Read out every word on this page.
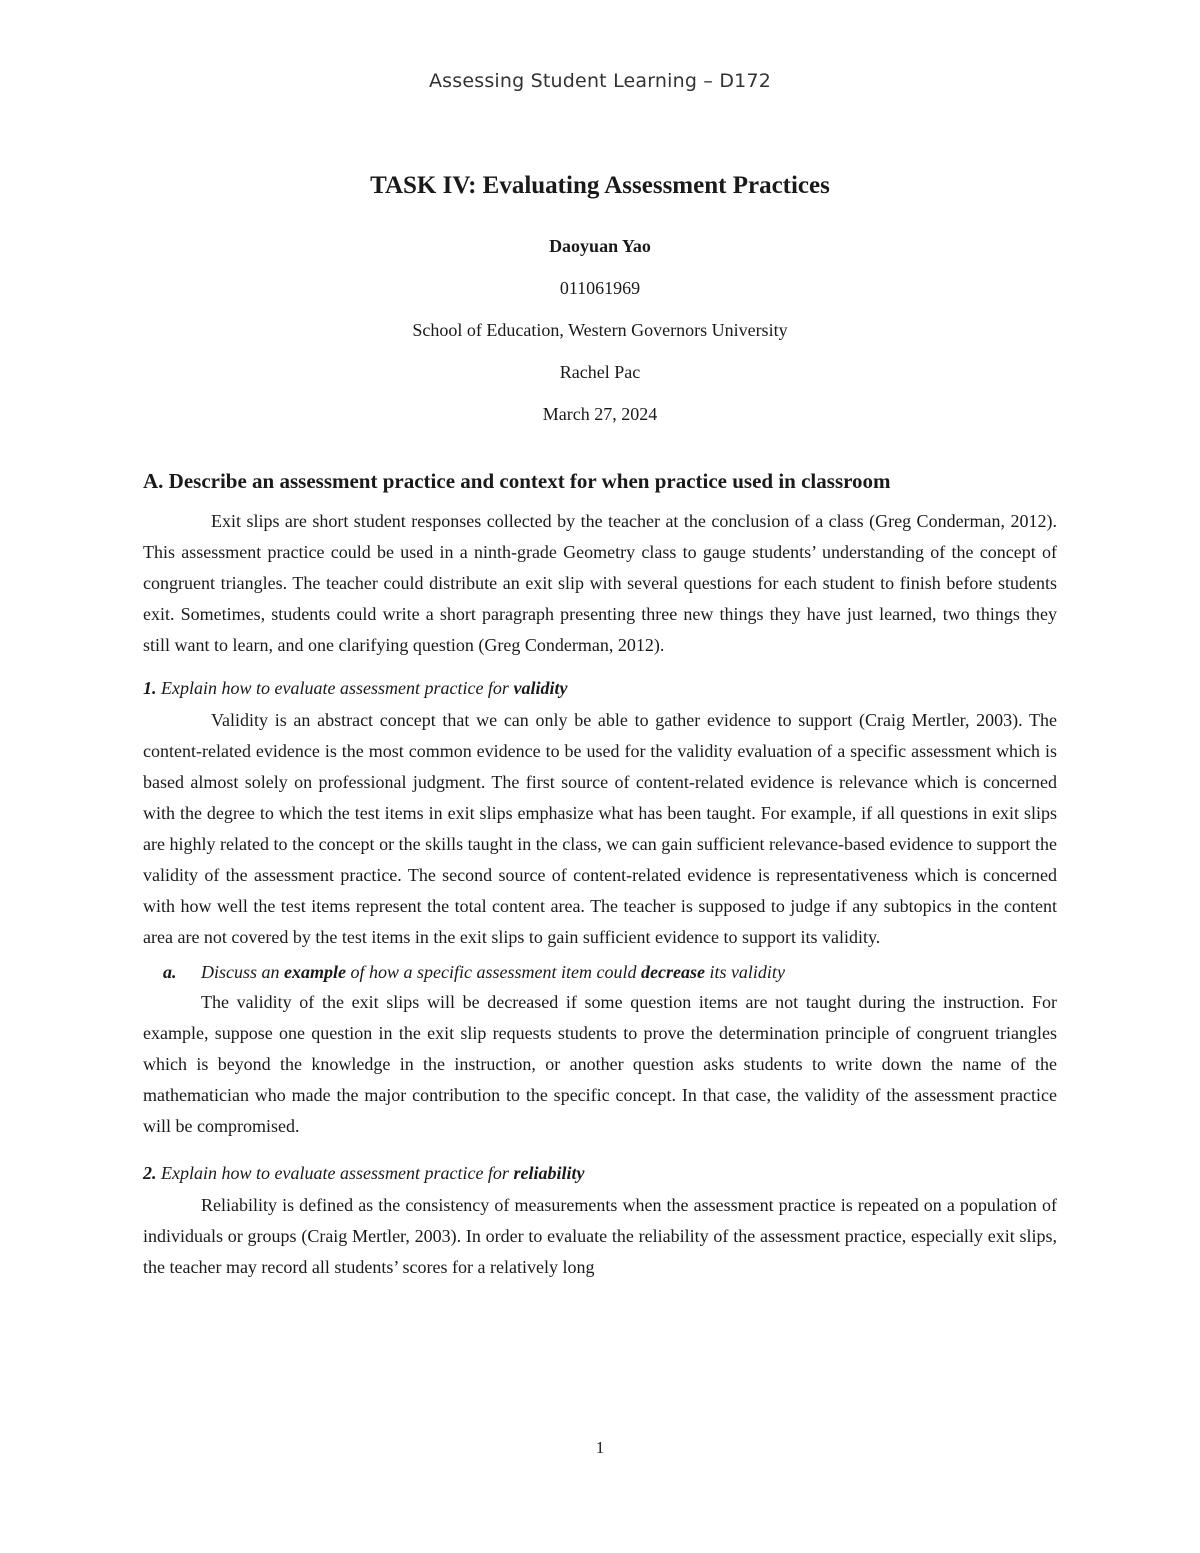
Assessing Student Learning – D172
TASK IV: Evaluating Assessment Practices
Daoyuan Yao
011061969
School of Education, Western Governors University
Rachel Pac
March 27, 2024
A. Describe an assessment practice and context for when practice used in classroom

Exit slips are short student responses collected by the teacher at the conclusion of a class (Greg Conderman, 2012). This assessment practice could be used in a ninth-grade Geometry class to gauge students’ understanding of the concept of congruent triangles. The teacher could distribute an exit slip with several questions for each student to finish before students exit. Sometimes, students could write a short paragraph presenting three new things they have just learned, two things they still want to learn, and one clarifying question (Greg Conderman, 2012).

1. Explain how to evaluate assessment practice for validity

Validity is an abstract concept that we can only be able to gather evidence to support (Craig Mertler, 2003). The content-related evidence is the most common evidence to be used for the validity evaluation of a specific assessment which is based almost solely on professional judgment. The first source of content-related evidence is relevance which is concerned with the degree to which the test items in exit slips emphasize what has been taught. For example, if all questions in exit slips are highly related to the concept or the skills taught in the class, we can gain sufficient relevance-based evidence to support the validity of the assessment practice. The second source of content-related evidence is representativeness which is concerned with how well the test items represent the total content area. The teacher is supposed to judge if any subtopics in the content area are not covered by the test items in the exit slips to gain sufficient evidence to support its validity.

a. Discuss an example of how a specific assessment item could decrease its validity

The validity of the exit slips will be decreased if some question items are not taught during the instruction. For example, suppose one question in the exit slip requests students to prove the determination principle of congruent triangles which is beyond the knowledge in the instruction, or another question asks students to write down the name of the mathematician who made the major contribution to the specific concept. In that case, the validity of the assessment practice will be compromised.

2. Explain how to evaluate assessment practice for reliability

Reliability is defined as the consistency of measurements when the assessment practice is repeated on a population of individuals or groups (Craig Mertler, 2003). In order to evaluate the reliability of the assessment practice, especially exit slips, the teacher may record all students’ scores for a relatively long

1
